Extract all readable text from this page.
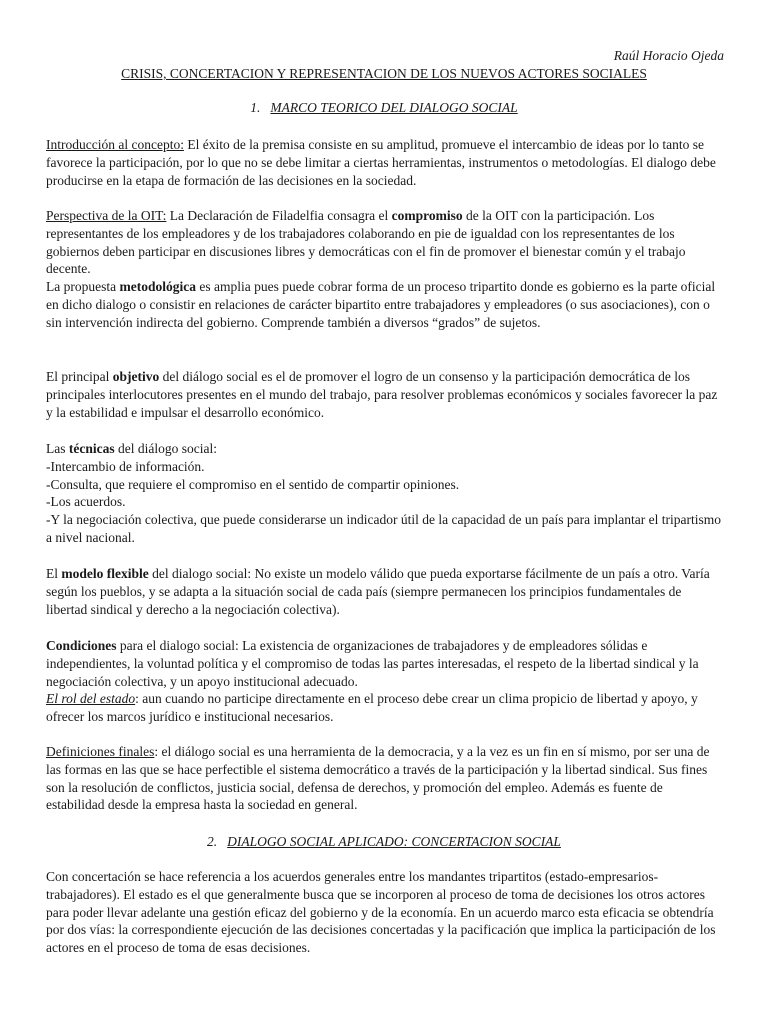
Raúl Horacio Ojeda
CRISIS, CONCERTACION Y REPRESENTACION DE LOS NUEVOS ACTORES SOCIALES
1. MARCO TEORICO DEL DIALOGO SOCIAL

Introducción al concepto: El éxito de la premisa consiste en su amplitud, promueve el intercambio de ideas por lo tanto se favorece la participación, por lo que no se debe limitar a ciertas herramientas, instrumentos o metodologías. El dialogo debe producirse en la etapa de formación de las decisiones en la sociedad.

Perspectiva de la OIT: La Declaración de Filadelfia consagra el compromiso de la OIT con la participación. Los representantes de los empleadores y de los trabajadores colaborando en pie de igualdad con los representantes de los gobiernos deben participar en discusiones libres y democráticas con el fin de promover el bienestar común y el trabajo decente.

La propuesta metodológica es amplia pues puede cobrar forma de un proceso tripartito donde es gobierno es la parte oficial en dicho dialogo o consistir en relaciones de carácter bipartito entre trabajadores y empleadores (o sus asociaciones), con o sin intervención indirecta del gobierno. Comprende también a diversos “grados” de sujetos.

El principal objetivo del diálogo social es el de promover el logro de un consenso y la participación democrática de los principales interlocutores presentes en el mundo del trabajo, para resolver problemas económicos y sociales favorecer la paz y la estabilidad e impulsar el desarrollo económico.

Las técnicas del diálogo social:

-Intercambio de información.

-Consulta, que requiere el compromiso en el sentido de compartir opiniones.

-Los acuerdos.

-Y la negociación colectiva, que puede considerarse un indicador útil de la capacidad de un país para implantar el tripartismo a nivel nacional.

El modelo flexible del dialogo social: No existe un modelo válido que pueda exportarse fácilmente de un país a otro. Varía según los pueblos, y se adapta a la situación social de cada país (siempre permanecen los principios fundamentales de libertad sindical y derecho a la negociación colectiva).

Condiciones para el dialogo social: La existencia de organizaciones de trabajadores y de empleadores sólidas e independientes, la voluntad política y el compromiso de todas las partes interesadas, el respeto de la libertad sindical y la negociación colectiva, y un apoyo institucional adecuado.

El rol del estado: aun cuando no participe directamente en el proceso debe crear un clima propicio de libertad y apoyo, y ofrecer los marcos jurídico e institucional necesarios.

Definiciones finales: el diálogo social es una herramienta de la democracia, y a la vez es un fin en sí mismo, por ser una de las formas en las que se hace perfectible el sistema democrático a través de la participación y la libertad sindical. Sus fines son la resolución de conflictos, justicia social, defensa de derechos, y promoción del empleo. Además es fuente de estabilidad desde la empresa hasta la sociedad en general.

2. DIALOGO SOCIAL APLICADO: CONCERTACION SOCIAL

Con concertación se hace referencia a los acuerdos generales entre los mandantes tripartitos (estado-empresarios-trabajadores). El estado es el que generalmente busca que se incorporen al proceso de toma de decisiones los otros actores para poder llevar adelante una gestión eficaz del gobierno y de la economía. En un acuerdo marco esta eficacia se obtendría por dos vías: la correspondiente ejecución de las decisiones concertadas y la pacificación que implica la participación de los actores en el proceso de toma de esas decisiones.
